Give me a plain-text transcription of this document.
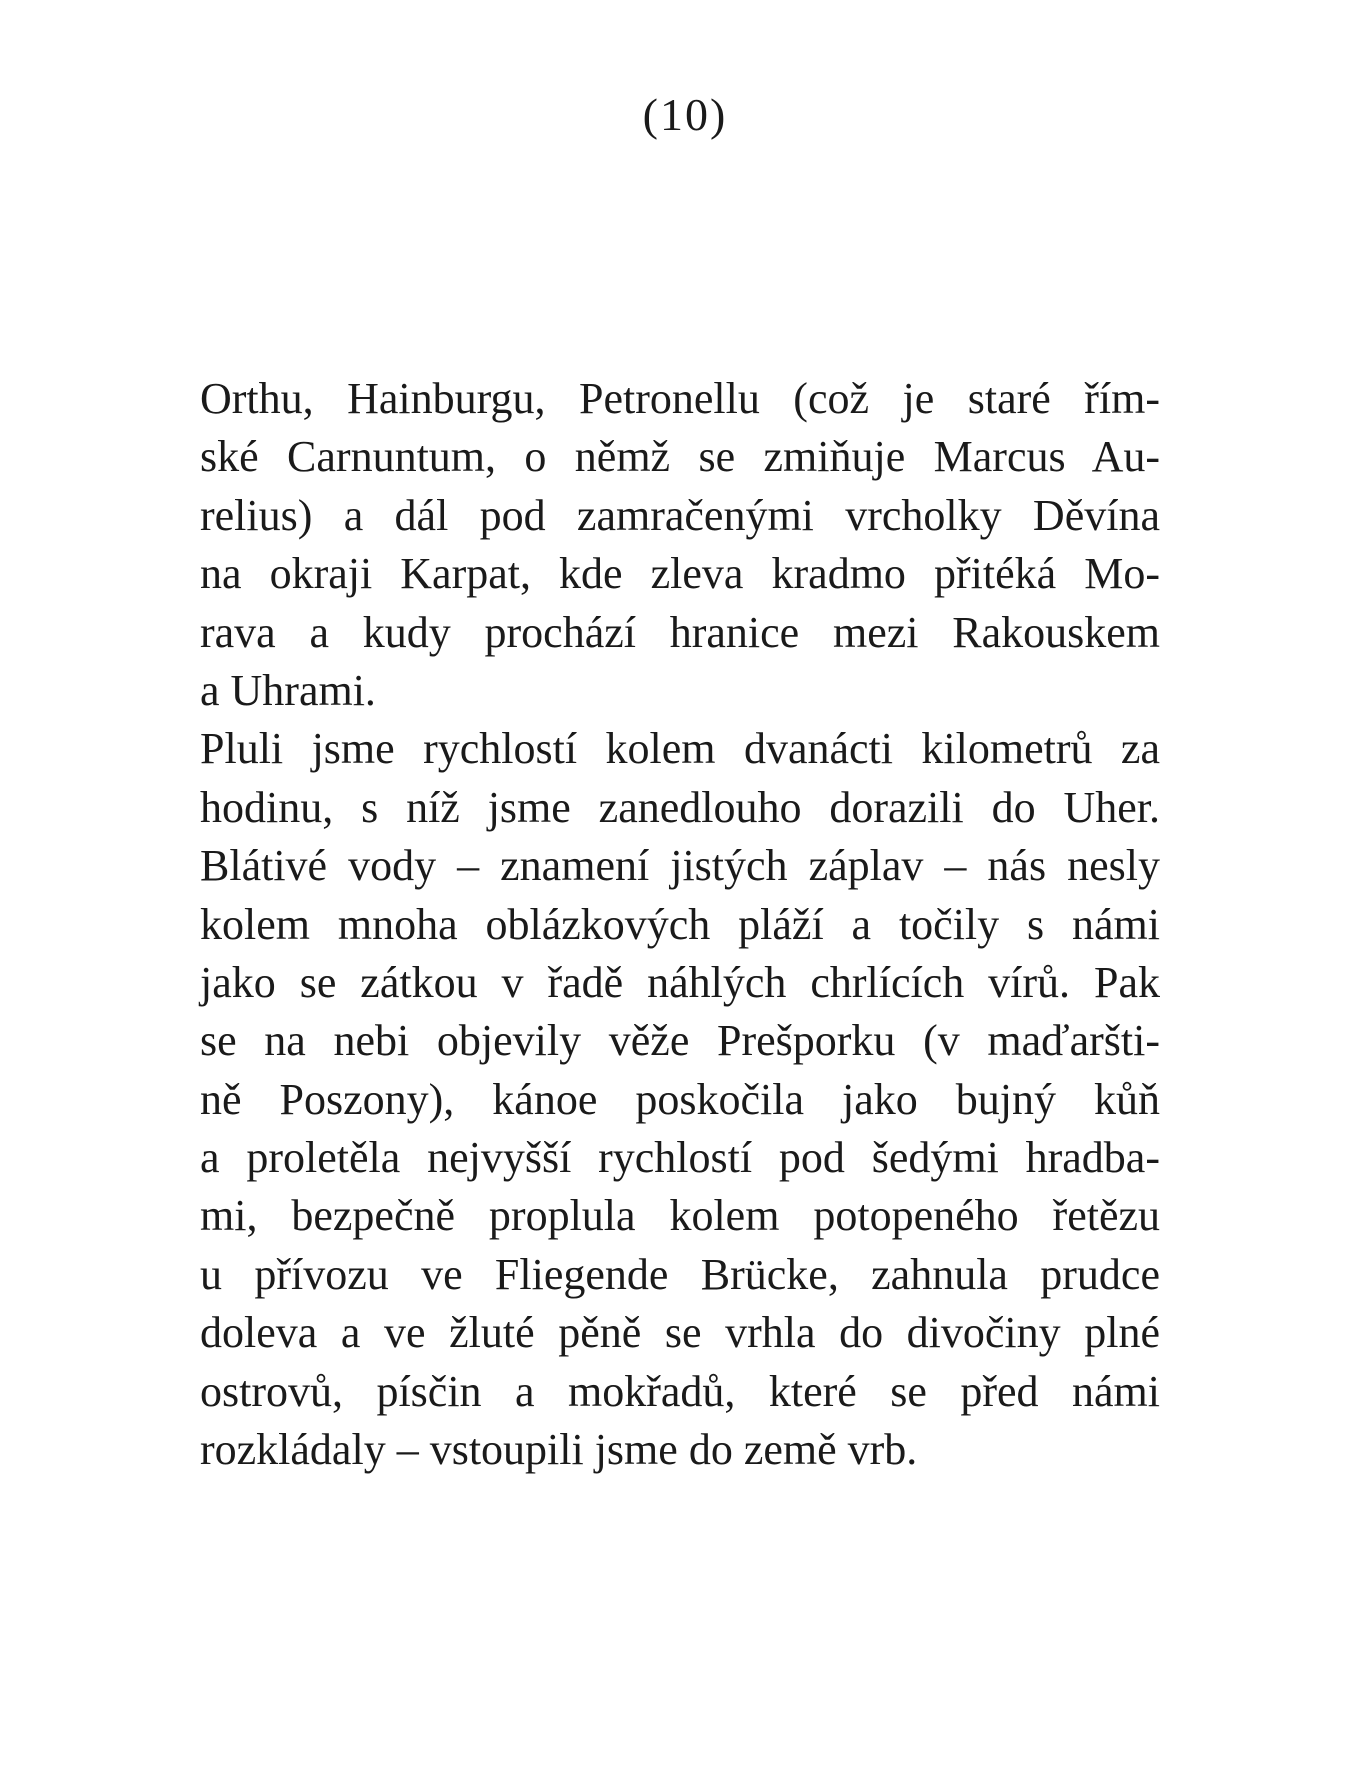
(10)
Orthu, Hainburgu, Petronellu (což je staré řím-
ské Carnuntum, o němž se zmiňuje Marcus Au-
relius) a dál pod zamračenými vrcholky Děvína
na okraji Karpat, kde zleva kradmo přitéká Mo-
rava a kudy prochází hranice mezi Rakouskem
a Uhrami.
Pluli jsme rychlostí kolem dvanácti kilometrů za
hodinu, s níž jsme zanedlouho dorazili do Uher.
Blátivé vody – znamení jistých záplav – nás nesly
kolem mnoha oblázkových pláží a točily s námi
jako se zátkou v řadě náhlých chrlících vírů. Pak
se na nebi objevily věže Prešporku (v maďaršti-
ně Poszony), kánoe poskočila jako bujný kůň
a proletěla nejvyšší rychlostí pod šedými hradba-
mi, bezpečně proplula kolem potopeného řetězu
u přívozu ve Fliegende Brücke, zahnula prudce
doleva a ve žluté pěně se vrhla do divočiny plné
ostrovů, písčin a mokřadů, které se před námi
rozkládaly – vstoupili jsme do země vrb.
